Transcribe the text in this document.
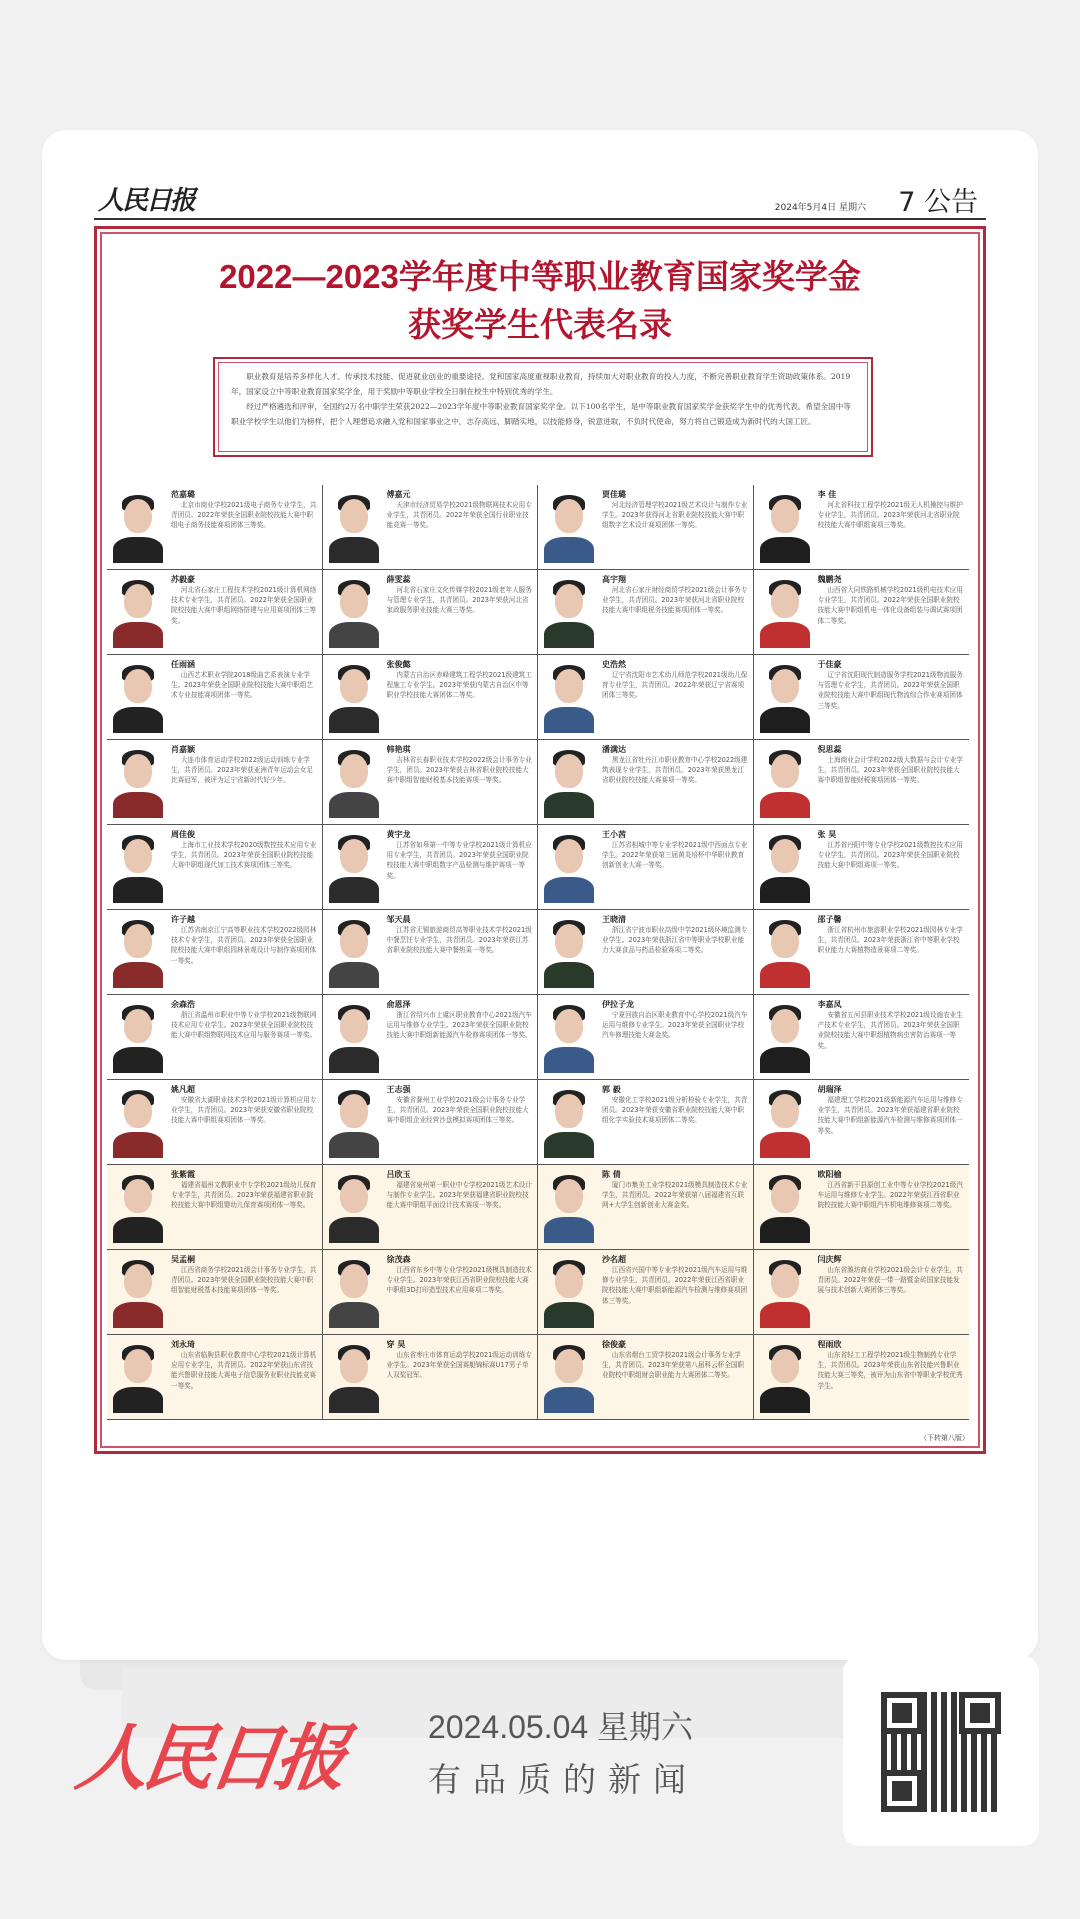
人民日报	2024年5月4日 星期六 7 公告
2022—2023学年度中等职业教育国家奖学金
获奖学生代表名录

职业教育是培养多样化人才、传承技术技能、促进就业创业的重要途径。党和国家高度重视职业教育，持续加大对职业教育的投入力度，不断完善职业教育学生资助政策体系。2019年，国家设立中等职业教育国家奖学金，用于奖励中等职业学校全日制在校生中特别优秀的学生。

经过严格遴选和评审，全国约2万名中职学生荣获2022—2023学年度中等职业教育国家奖学金。以下100名学生，是中等职业教育国家奖学金获奖学生中的优秀代表。希望全国中等职业学校学生以他们为榜样，把个人理想追求融入党和国家事业之中，志存高远、脚踏实地，以技能修身，锐意进取，不负时代使命，努力将自己锻造成为新时代的大国工匠。

范嘉璐
北京市商业学校2021级电子商务专业学生，共青团员。2022年荣获全国职业院校技能大赛中职组电子商务技能赛项团体三等奖。
傅嘉元
天津市经济贸易学校2021级物联网技术应用专业学生，共青团员。2022年荣获全国行业职业技能竞赛一等奖。
贾佳璐
河北经济管理学校2021级艺术设计与制作专业学生。2023年获得河北省职业院校技能大赛中职组数字艺术设计赛项团体一等奖。
李 佳
河北省科技工程学校2021级无人机操控与维护专业学生，共青团员。2023年荣获河北省职业院校技能大赛中职组赛项三等奖。
苏毅豪
河北省石家庄工程技术学校2021级计算机网络技术专业学生，共青团员。2022年荣获全国职业院校技能大赛中职组网络搭建与应用赛项团体三等奖。
薛雯蕊
河北省石家庄文化传媒学校2021级老年人服务与管理专业学生，共青团员。2023年荣获河北省家政服务职业技能大赛三等奖。
高宇翔
河北省石家庄财经商贸学校2021级会计事务专业学生，共青团员。2023年荣获河北省职业院校技能大赛中职组税务技能赛项团体一等奖。
魏鹏尧
山西省大同铁路机械学校2021级机电技术应用专业学生，共青团员。2022年荣获全国职业院校技能大赛中职组机电一体化设备组装与调试赛项团体二等奖。
任雨涵
山西艺术职业学院2018级曲艺系表演专业学生。2023年荣获全国职业院校技能大赛中职组艺术专业技能赛项团体一等奖。
张俊懿
内蒙古自治区赤峰建筑工程学校2021级建筑工程施工专业学生。2023年荣获内蒙古自治区中等职业学校技能大赛团体二等奖。
史浩然
辽宁省沈阳市艺术幼儿师范学校2021级幼儿保育专业学生，共青团员。2022年荣获辽宁省赛项团体三等奖。
于佳豪
辽宁省沈阳现代制造服务学校2021级物流服务与管理专业学生，共青团员。2022年荣获全国职业院校技能大赛中职组现代物流综合作业赛项团体三等奖。
肖嘉颖
大连市体育运动学校2022级运动训练专业学生，共青团员。2023年荣获亚洲青年运动会女足比赛冠军，被评为辽宁省新时代好少年。
韩艳琪
吉林省长春职业技术学校2022级会计事务专业学生，团员。2023年荣获吉林省职业院校技能大赛中职组智能财税基本技能赛项一等奖。
潘满达
黑龙江省牡丹江市职业教育中心学校2022级建筑表现专业学生，共青团员。2023年荣获黑龙江省职业院校技能大赛赛项一等奖。
倪思蕊
上海商业会计学校2022级大数据与会计专业学生，共青团员。2023年荣获全国职业院校技能大赛中职组智能财税赛项团体一等奖。
周佳俊
上海市工业技术学校2020级数控技术应用专业学生，共青团员。2023年荣获全国职业院校技能大赛中职组现代加工技术赛项团体三等奖。
黄宇龙
江苏省如皋第一中等专业学校2021级计算机应用专业学生，共青团员。2023年荣获全国职业院校技能大赛中职组数字产品检测与维护赛项一等奖。
王小茜
江苏省相城中等专业学校2021级中西面点专业学生。2022年荣获第三届黄炎培杯中华职业教育创新创业大赛一等奖。
张 昊
江苏省丹阳中等专业学校2021级数控技术应用专业学生，共青团员。2023年荣获全国职业院校技能大赛中职组赛项一等奖。
许子越
江苏省南京江宁高等职业技术学校2022级园林技术专业学生，共青团员。2023年荣获全国职业院校技能大赛中职组园林景观设计与制作赛项团体一等奖。
邹天晨
江苏省无锡旅游商贸高等职业技术学校2021级中餐烹饪专业学生，共青团员。2023年荣获江苏省职业院校技能大赛中餐热菜一等奖。
王晓清
浙江省宁波市职业高级中学2021级环境监测专业学生。2023年荣获浙江省中等职业学校职业能力大赛食品与药品检验赛项二等奖。
邵子馨
浙江省杭州市旅游职业学校2021级园林专业学生，共青团员。2023年荣获浙江省中等职业学校职业能力大赛植物造景赛项二等奖。
余森浩
浙江省温州市职业中等专业学校2021级物联网技术应用专业学生。2023年荣获全国职业院校技能大赛中职组物联网技术应用与服务赛项一等奖。
俞恩泽
浙江省绍兴市上虞区职业教育中心2021级汽车运用与维修专业学生。2023年荣获全国职业院校技能大赛中职组新能源汽车检修赛项团体一等奖。
伊拉子龙
宁夏回族自治区职业教育中心学校2021级汽车运用与维修专业学生。2023年荣获全国职业学校汽车修理技能大赛金奖。
李嘉凤
安徽省五河县职业技术学校2021级设施农业生产技术专业学生，共青团员。2023年荣获全国职业院校技能大赛中职组植物病虫害防治赛项一等奖。
姚凡超
安徽省太湖职业技术学校2021级计算机应用专业学生，共青团员。2023年荣获安徽省职业院校技能大赛中职组赛项团体一等奖。
王志强
安徽省滁州工业学校2021级会计事务专业学生，共青团员。2023年荣获全国职业院校技能大赛中职组企业经营沙盘模拟赛项团体三等奖。
郭 毅
安徽化工学校2021级分析检验专业学生，共青团员。2023年荣获安徽省职业院校技能大赛中职组化学实验技术赛项团体二等奖。
胡瑞泽
福建理工学校2021级新能源汽车运用与维修专业学生，共青团员。2023年荣获福建省职业院校技能大赛中职组新能源汽车检测与维修赛项团体一等奖。
张紫霞
福建省福州文教职业中专学校2021级幼儿保育专业学生，共青团员。2023年荣获福建省职业院校技能大赛中职组婴幼儿保育赛项团体一等奖。
吕欣玉
福建省泉州第一职业中专学校2021级艺术设计与制作专业学生。2023年荣获福建省职业院校技能大赛中职组平面设计技术赛项一等奖。
陈 倩
厦门市集美工业学校2021级模具制造技术专业学生，共青团员。2022年荣获第八届福建省互联网+大学生创新创业大赛金奖。
欧阳榆
江西省新干县原创工业中等专业学校2021级汽车运用与维修专业学生。2022年荣获江西省职业院校技能大赛中职组汽车机电维修赛项二等奖。
吴孟桐
江西省商务学校2021级会计事务专业学生，共青团员。2023年荣获全国职业院校技能大赛中职组智能财税基本技能赛项团体一等奖。
徐茂森
江西省东乡中等专业学校2021级模具制造技术专业学生。2023年荣获江西省职业院校技能大赛中职组3D打印造型技术应用赛项二等奖。
沙名超
江西省兴国中等专业学校2021级汽车运用与维修专业学生，共青团员。2022年荣获江西省职业院校技能大赛中职组新能源汽车检测与维修赛项团体三等奖。
闫庆辉
山东省潍坊商业学校2021级会计专业学生，共青团员。2022年荣获一带一路暨金砖国家技能发展与技术创新大赛团体三等奖。
刘永琦
山东省临朐县职业教育中心学校2021级计算机应用专业学生，共青团员。2022年荣获山东省技能兴鲁职业技能大赛电子信息服务业职业技能竞赛一等奖。
穿 昊
山东省枣庄市体育运动学校2021级运动训练专业学生。2023年荣获全国赛艇锦标赛U17男子单人双桨冠军。
徐俊豪
山东省烟台工贸学校2021级会计事务专业学生，共青团员。2023年荣获第八届科云杯全国职业院校中职组财会职业能力大赛团体二等奖。
程雨欣
山东省轻工工程学校2021级生物制药专业学生，共青团员。2023年荣获山东省技能兴鲁职业技能大赛三等奖，被评为山东省中等职业学校优秀学生。
（下转第八版）
人民日报	2024.05.04 星期六
有品质的新闻
